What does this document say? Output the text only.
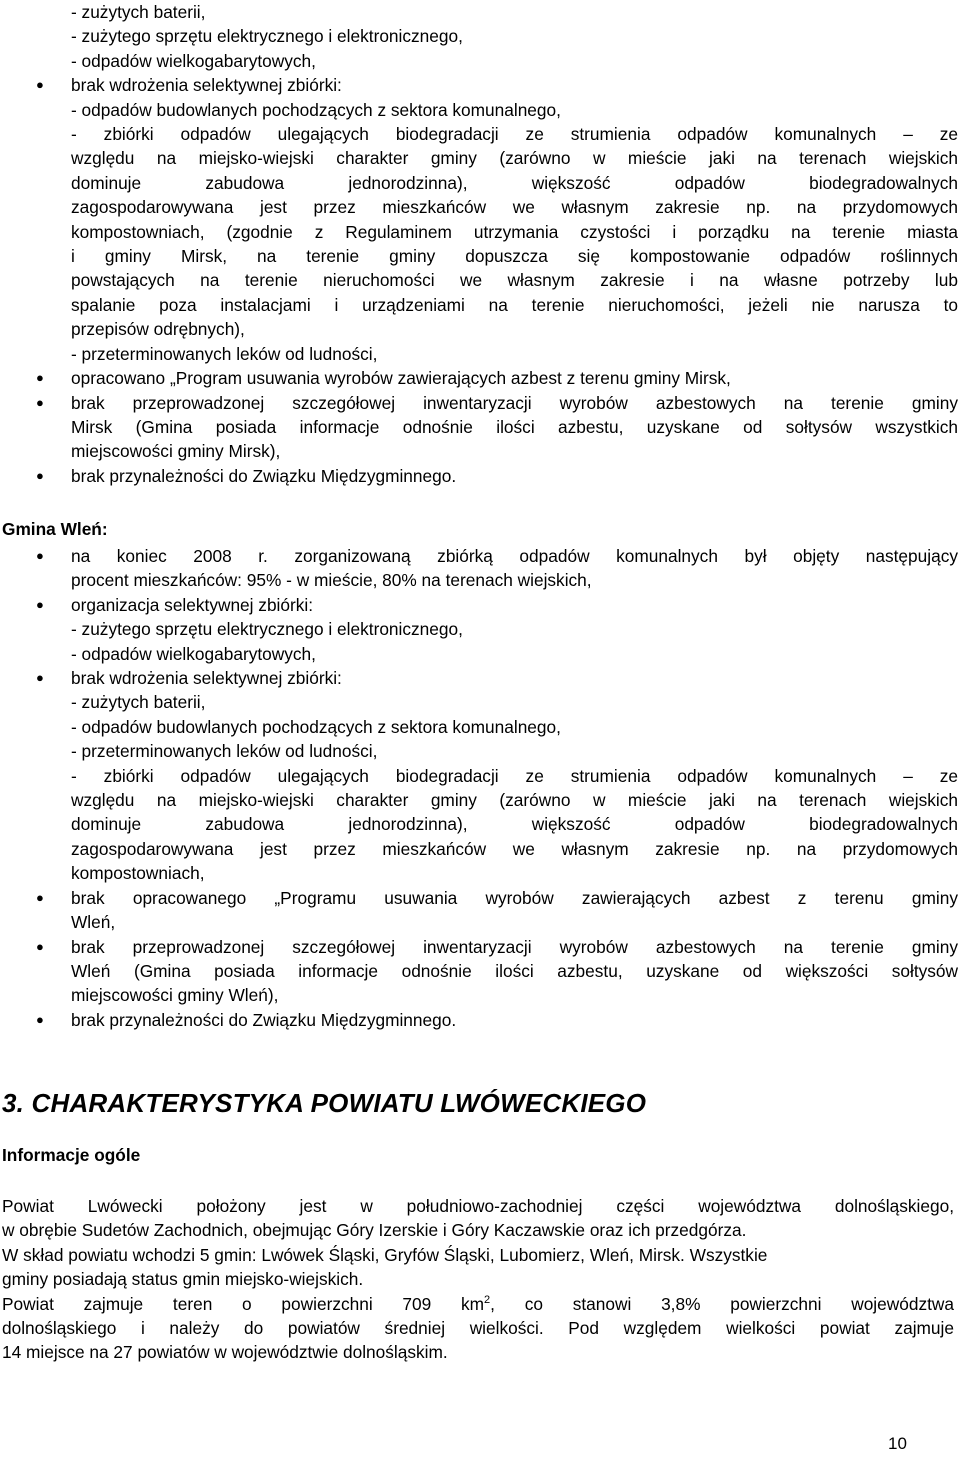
- zużytych baterii,
- zużytego sprzętu elektrycznego i elektronicznego,
- odpadów wielkogabarytowych,
● brak wdrożenia selektywnej zbiórki:
- odpadów budowlanych pochodzących z sektora komunalnego,
- zbiórki odpadów ulegających biodegradacji ze strumienia odpadów komunalnych – ze
względu na miejsko-wiejski charakter gminy (zarówno w mieście jaki na terenach wiejskich
dominuje zabudowa jednorodzinna), większość odpadów biodegradowalnych
zagospodarowywana jest przez mieszkańców we własnym zakresie np. na przydomowych
kompostowniach, (zgodnie z Regulaminem utrzymania czystości i porządku na terenie miasta
i gminy Mirsk, na terenie gminy dopuszcza się kompostowanie odpadów roślinnych
powstających na terenie nieruchomości we własnym zakresie i na własne potrzeby lub
spalanie poza instalacjami i urządzeniami na terenie nieruchomości, jeżeli nie narusza to
przepisów odrębnych),
- przeterminowanych leków od ludności,
● opracowano „Program usuwania wyrobów zawierających azbest z terenu gminy Mirsk,
● brak przeprowadzonej szczegółowej inwentaryzacji wyrobów azbestowych na terenie gminy
Mirsk (Gmina posiada informacje odnośnie ilości azbestu, uzyskane od sołtysów wszystkich
miejscowości gminy Mirsk),
● brak przynależności do Związku Międzygminnego.
Gmina Wleń:
● na koniec 2008 r. zorganizowaną zbiórką odpadów komunalnych był objęty następujący
procent mieszkańców: 95% - w mieście, 80% na terenach wiejskich,
● organizacja selektywnej zbiórki:
- zużytego sprzętu elektrycznego i elektronicznego,
- odpadów wielkogabarytowych,
● brak wdrożenia selektywnej zbiórki:
- zużytych baterii,
- odpadów budowlanych pochodzących z sektora komunalnego,
- przeterminowanych leków od ludności,
- zbiórki odpadów ulegających biodegradacji ze strumienia odpadów komunalnych – ze
względu na miejsko-wiejski charakter gminy (zarówno w mieście jaki na terenach wiejskich
dominuje zabudowa jednorodzinna), większość odpadów biodegradowalnych
zagospodarowywana jest przez mieszkańców we własnym zakresie np. na przydomowych
kompostowniach,
● brak opracowanego „Programu usuwania wyrobów zawierających azbest z terenu gminy
Wleń,
● brak przeprowadzonej szczegółowej inwentaryzacji wyrobów azbestowych na terenie gminy
Wleń (Gmina posiada informacje odnośnie ilości azbestu, uzyskane od większości sołtysów
miejscowości gminy Wleń),
● brak przynależności do Związku Międzygminnego.
3. CHARAKTERYSTYKA POWIATU LWÓWECKIEGO
Informacje ogóle
Powiat Lwówecki położony jest w południowo-zachodniej części województwa dolnośląskiego,
w obrębie Sudetów Zachodnich, obejmując Góry Izerskie i Góry Kaczawskie oraz ich przedgórza.
W skład powiatu wchodzi 5 gmin: Lwówek Śląski, Gryfów Śląski, Lubomierz, Wleń, Mirsk. Wszystkie
gminy posiadają status gmin miejsko-wiejskich.
Powiat zajmuje teren o powierzchni 709 $km^2$, co stanowi 3,8% powierzchni województwa
dolnośląskiego i należy do powiatów średniej wielkości. Pod względem wielkości powiat zajmuje
14 miejsce na 27 powiatów w województwie dolnośląskim.
10
